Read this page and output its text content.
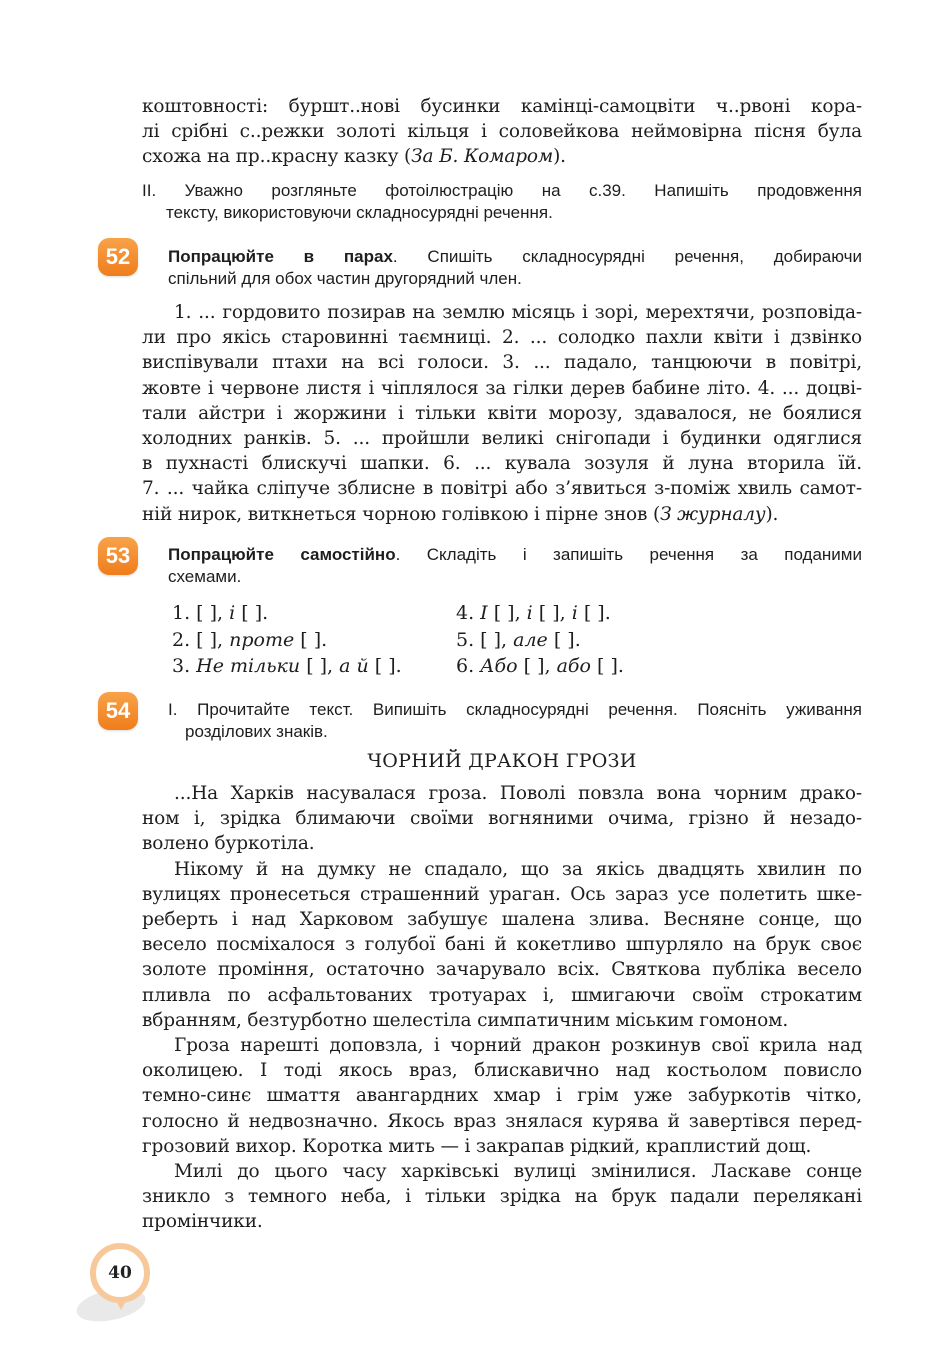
коштовності: буршт..нові бусинки камінці-самоцвіти ч..рвоні кора-
лі срібні с..режки золоті кільця і соловейкова неймовірна пісня була
схожа на пр..красну казку (За Б. Комаром).
II. Уважно розгляньте фотоілюстрацію на с.39. Напишіть продовження
тексту, використовуючи складносурядні речення.
52	Попрацюйте в парах. Спишіть складносурядні речення, добираючи
спільний для обох частин другорядний член.
1. ... гордовито позирав на землю місяць і зорі, мерехтячи, розповіда-
ли про якісь старовинні таємниці. 2. ... солодко пахли квіти і дзвінко
виспівували птахи на всі голоси. 3. ... падало, танцюючи в повітрі,
жовте і червоне листя і чіплялося за гілки дерев бабине літо. 4. ... доцві-
тали айстри і жоржини і тільки квіти морозу, здавалося, не боялися
холодних ранків. 5. ... пройшли великі снігопади і будинки одяглися
в пухнасті блискучі шапки. 6. ... кувала зозуля й луна вторила їй.
7. ... чайка сліпуче зблисне в повітрі або з’явиться з-поміж хвиль самот-
ній нирок, виткнеться чорною голівкою і пірне знов (З журналу).
53	Попрацюйте самостійно. Складіть і запишіть речення за поданими
схемами.
1. [ ], і [ ].
2. [ ], проте [ ].
3. Не тільки [ ], а й [ ].
4. І [ ], і [ ], і [ ].
5. [ ], але [ ].
6. Або [ ], або [ ].
54	I. Прочитайте текст. Випишіть складносурядні речення. Поясніть уживання
розділових знаків.
ЧОРНИЙ ДРАКОН ГРОЗИ
...На Харків насувалася гроза. Поволі повзла вона чорним драко-
ном і, зрідка блимаючи своїми вогняними очима, грізно й незадо-
волено буркотіла.
Нікому й на думку не спадало, що за якісь двадцять хвилин по
вулицях пронесеться страшенний ураган. Ось зараз усе полетить шке-
реберть і над Харковом забушує шалена злива. Весняне сонце, що
весело посміхалося з голубої бані й кокетливо шпурляло на брук своє
золоте проміння, остаточно зачарувало всіх. Святкова публіка весело
пливла по асфальтованих тротуарах і, шмигаючи своїм строкатим
вбранням, безтурботно шелестіла симпатичним міським гомоном.
Гроза нарешті доповзла, і чорний дракон розкинув свої крила над
околицею. І тоді якось враз, блискавично над костьолом повисло
темно-синє шмаття авангардних хмар і грім уже забуркотів чітко,
голосно й недвозначно. Якось враз знялася курява й завертівся перед-
грозовий вихор. Коротка мить — і закрапав рідкий, краплистий дощ.
Милі до цього часу харківські вулиці змінилися. Ласкаве сонце
зникло з темного неба, і тільки зрідка на брук падали переляканi
промінчики.
40
